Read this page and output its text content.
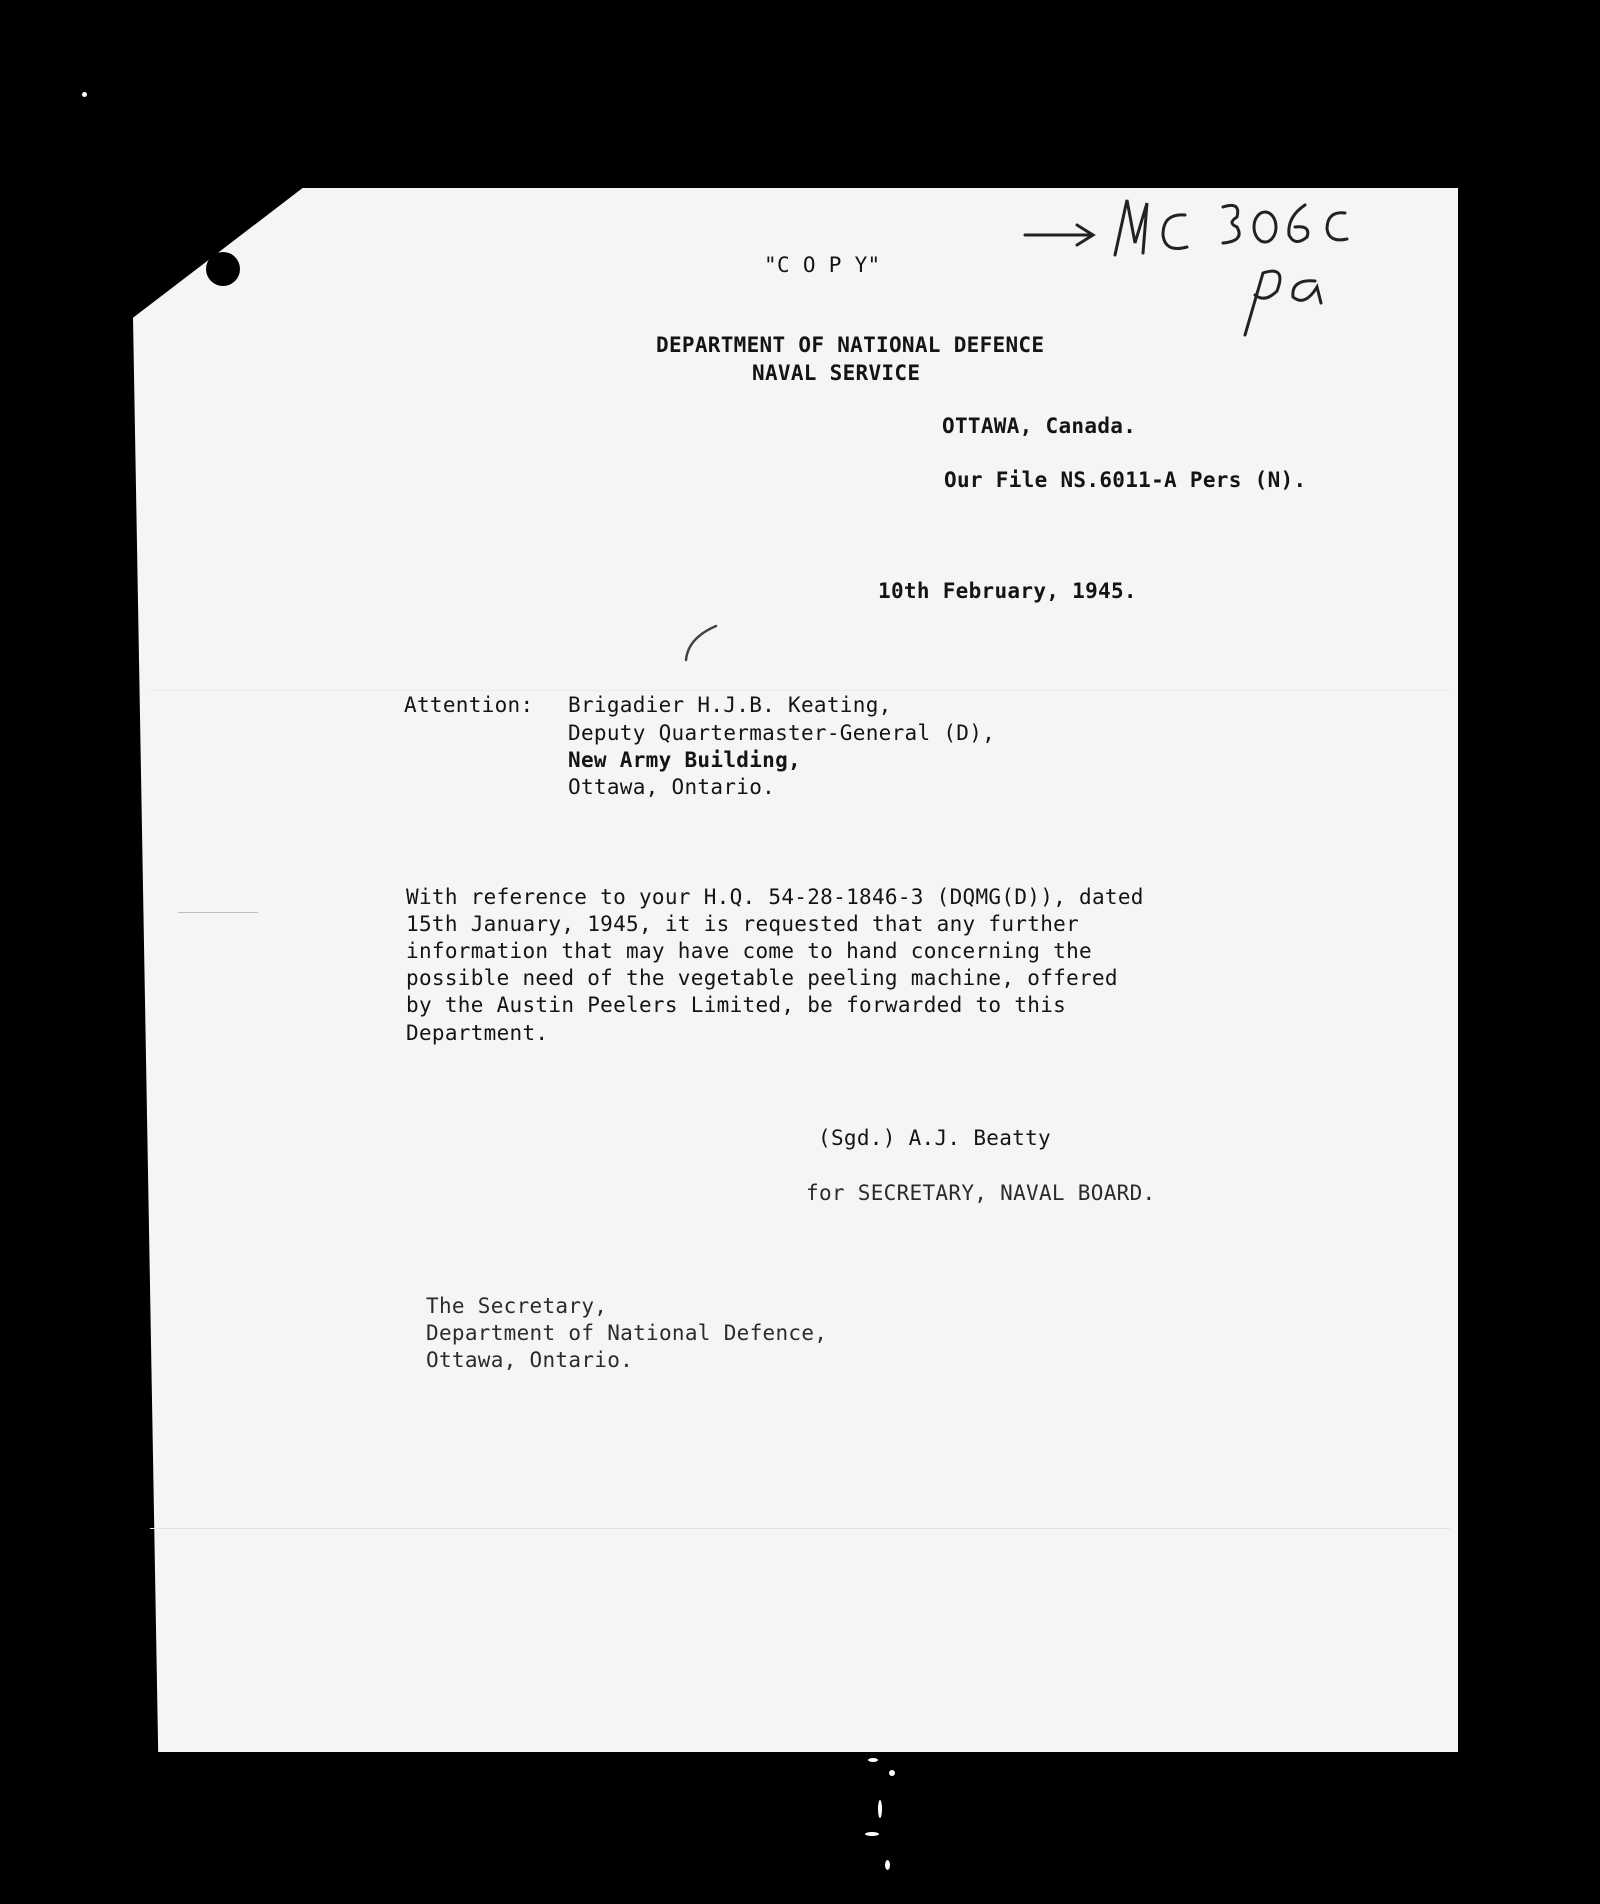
"C O P Y"
DEPARTMENT OF NATIONAL DEFENCE
NAVAL SERVICE
OTTAWA, Canada.
Our File NS.6011-A Pers (N).
10th February, 1945.
Attention: Brigadier H.J.B. Keating,
Deputy Quartermaster-General (D),
New Army Building,
Ottawa, Ontario.
With reference to your H.Q. 54-28-1846-3 (DQMG(D)), dated
15th January, 1945, it is requested that any further
information that may have come to hand concerning the
possible need of the vegetable peeling machine, offered
by the Austin Peelers Limited, be forwarded to this
Department.
(Sgd.) A.J. Beatty
for SECRETARY, NAVAL BOARD.
The Secretary,
Department of National Defence,
Ottawa, Ontario.
